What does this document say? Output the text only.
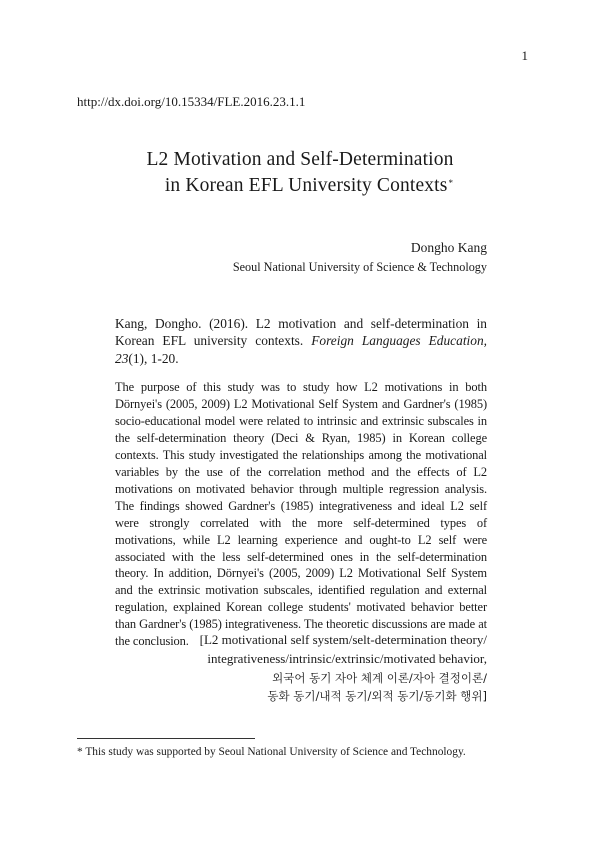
1
http://dx.doi.org/10.15334/FLE.2016.23.1.1
L2 Motivation and Self-Determination
in Korean EFL University Contexts*
Dongho Kang
Seoul National University of Science & Technology
Kang, Dongho. (2016). L2 motivation and self-determination in Korean EFL university contexts. Foreign Languages Education, 23(1), 1-20.

The purpose of this study was to study how L2 motivations in both Dörnyei's (2005, 2009) L2 Motivational Self System and Gardner's (1985) socio-educational model were related to intrinsic and extrinsic subscales in the self-determination theory (Deci & Ryan, 1985) in Korean college contexts. This study investigated the relationships among the motivational variables by the use of the correlation method and the effects of L2 motivations on motivated behavior through multiple regression analysis. The findings showed Gardner's (1985) integrativeness and ideal L2 self were strongly correlated with the more self-determined types of motivations, while L2 learning experience and ought-to L2 self were associated with the less self-determined ones in the self-determination theory. In addition, Dörnyei's (2005, 2009) L2 Motivational Self System and the extrinsic motivation subscales, identified regulation and external regulation, explained Korean college students' motivated behavior better than Gardner's (1985) integrativeness. The theoretic discussions are made at the conclusion. [L2 motivational self system/selt-determination theory/
integrativeness/intrinsic/extrinsic/motivated behavior,
외국어 동기 자아 체계 이론/자아 결정이론/
동화 동기/내적 동기/외적 동기/동기화 행위]
* This study was supported by Seoul National University of Science and Technology.
